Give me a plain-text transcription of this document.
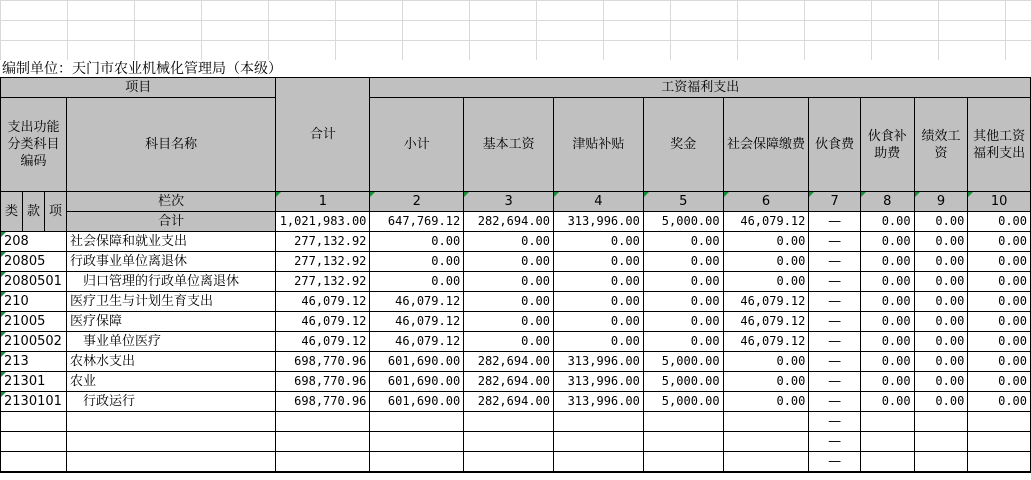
编制单位：天门市农业机械化管理局（本级）
项目				合计	工资福利支出								
支出功能分类科目编码			科目名称		小计	基本工资	津贴补贴	奖金	社会保障缴费	伙食费	伙食补助费	绩效工资	其他工资福利支出

类	款	项	栏次	1	2	3	4	5	6	7	8	9	10
			合计	1,021,983.00	647,769.12	282,694.00	313,996.00	5,000.00	46,079.12	—	0.00	0.00	0.00
208			社会保障和就业支出	277,132.92	0.00	0.00	0.00	0.00	0.00	—	0.00	0.00	0.00
20805			行政事业单位离退休	277,132.92	0.00	0.00	0.00	0.00	0.00	—	0.00	0.00	0.00
2080501			归口管理的行政单位离退休	277,132.92	0.00	0.00	0.00	0.00	0.00	—	0.00	0.00	0.00
210			医疗卫生与计划生育支出	46,079.12	46,079.12	0.00	0.00	0.00	46,079.12	—	0.00	0.00	0.00
21005			医疗保障	46,079.12	46,079.12	0.00	0.00	0.00	46,079.12	—	0.00	0.00	0.00
2100502			事业单位医疗	46,079.12	46,079.12	0.00	0.00	0.00	46,079.12	—	0.00	0.00	0.00
213			农林水支出	698,770.96	601,690.00	282,694.00	313,996.00	5,000.00	0.00	—	0.00	0.00	0.00
21301			农业	698,770.96	601,690.00	282,694.00	313,996.00	5,000.00	0.00	—	0.00	0.00	0.00
2130101			行政运行	698,770.96	601,690.00	282,694.00	313,996.00	5,000.00	0.00	—	0.00	0.00	0.00
										—			
										—			
										—			
